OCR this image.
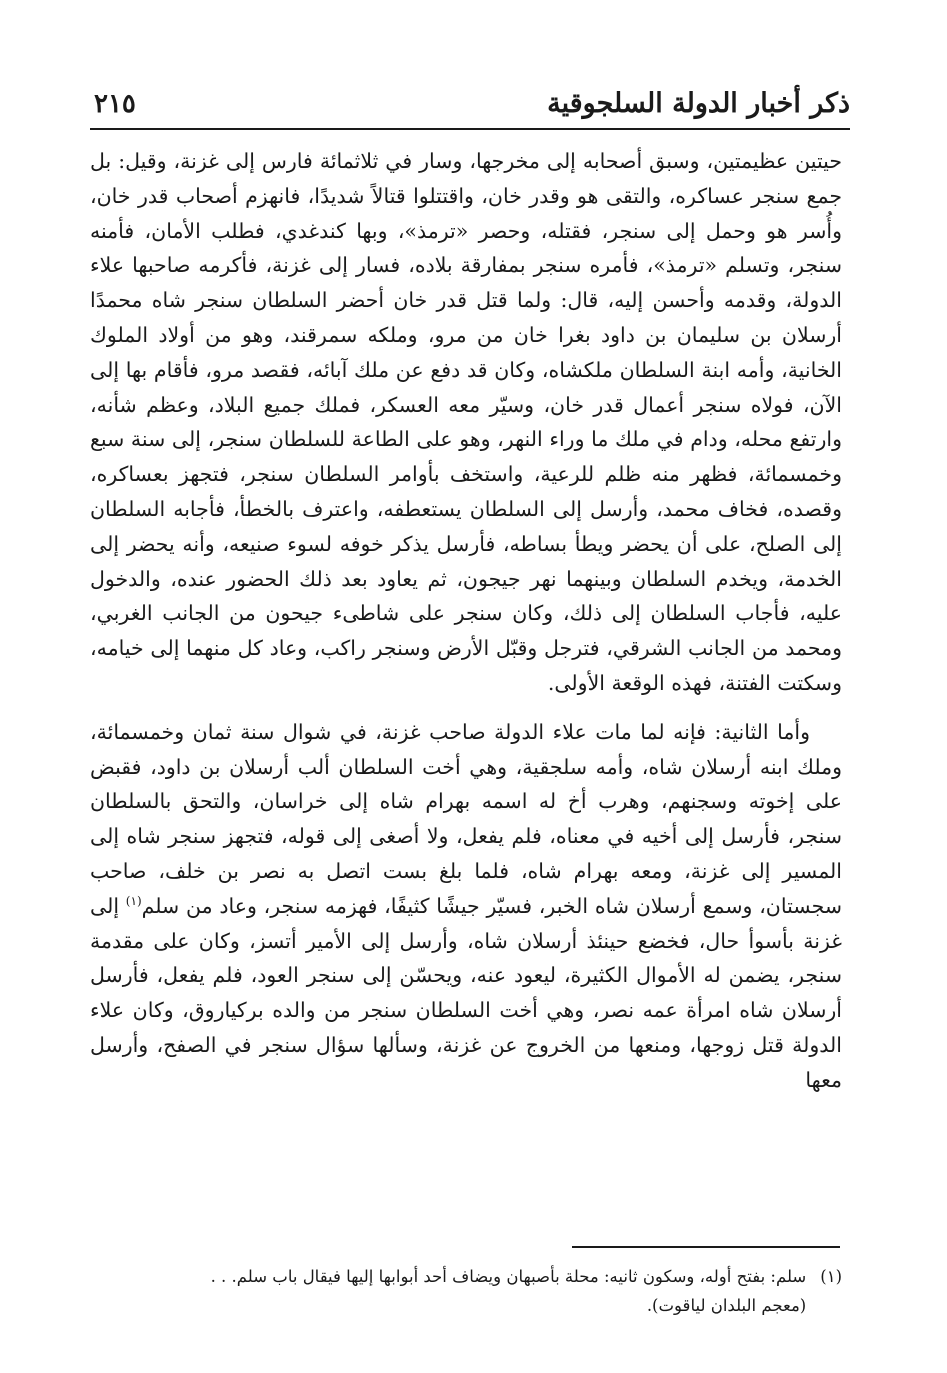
ذكر أخبار الدولة السلجوقية
٢١٥

حيتين عظيمتين، وسبق أصحابه إلى مخرجها، وسار في ثلاثمائة فارس إلى غزنة، وقيل: بل جمع سنجر عساكره، والتقى هو وقدر خان، واقتتلوا قتالاً شديدًا، فانهزم أصحاب قدر خان، وأُسر هو وحمل إلى سنجر، فقتله، وحصر «ترمذ»، وبها كندغدي، فطلب الأمان، فأمنه سنجر، وتسلم «ترمذ»، فأمره سنجر بمفارقة بلاده، فسار إلى غزنة، فأكرمه صاحبها علاء الدولة، وقدمه وأحسن إليه، قال: ولما قتل قدر خان أحضر السلطان سنجر شاه محمدًا أرسلان بن سليمان بن داود بغرا خان من مرو، وملكه سمرقند، وهو من أولاد الملوك الخانية، وأمه ابنة السلطان ملكشاه، وكان قد دفع عن ملك آبائه، فقصد مرو، فأقام بها إلى الآن، فولاه سنجر أعمال قدر خان، وسيّر معه العسكر، فملك جميع البلاد، وعظم شأنه، وارتفع محله، ودام في ملك ما وراء النهر، وهو على الطاعة للسلطان سنجر، إلى سنة سبع وخمسمائة، فظهر منه ظلم للرعية، واستخف بأوامر السلطان سنجر، فتجهز بعساكره، وقصده، فخاف محمد، وأرسل إلى السلطان يستعطفه، واعترف بالخطأ، فأجابه السلطان إلى الصلح، على أن يحضر ويطأ بساطه، فأرسل يذكر خوفه لسوء صنيعه، وأنه يحضر إلى الخدمة، ويخدم السلطان وبينهما نهر جيجون، ثم يعاود بعد ذلك الحضور عنده، والدخول عليه، فأجاب السلطان إلى ذلك، وكان سنجر على شاطىء جيحون من الجانب الغربي، ومحمد من الجانب الشرقي، فترجل وقبّل الأرض وسنجر راكب، وعاد كل منهما إلى خيامه، وسكتت الفتنة، فهذه الوقعة الأولى.

وأما الثانية: فإنه لما مات علاء الدولة صاحب غزنة، في شوال سنة ثمان وخمسمائة، وملك ابنه أرسلان شاه، وأمه سلجقية، وهي أخت السلطان ألب أرسلان بن داود، فقبض على إخوته وسجنهم، وهرب أخ له اسمه بهرام شاه إلى خراسان، والتحق بالسلطان سنجر، فأرسل إلى أخيه في معناه، فلم يفعل، ولا أصغى إلى قوله، فتجهز سنجر شاه إلى المسير إلى غزنة، ومعه بهرام شاه، فلما بلغ بست اتصل به نصر بن خلف، صاحب سجستان، وسمع أرسلان شاه الخبر، فسيّر جيشًا كثيفًا، فهزمه سنجر، وعاد من سلم$^{(١)}$ إلى غزنة بأسوأ حال، فخضع حينئذ أرسلان شاه، وأرسل إلى الأمير أتسز، وكان على مقدمة سنجر، يضمن له الأموال الكثيرة، ليعود عنه، ويحسّن إلى سنجر العود، فلم يفعل، فأرسل أرسلان شاه امرأة عمه نصر، وهي أخت السلطان سنجر من والده بركياروق، وكان علاء الدولة قتل زوجها، ومنعها من الخروج عن غزنة، وسألها سؤال سنجر في الصفح، وأرسل معها

(١)
سلم: بفتح أوله، وسكون ثانيه: محلة بأصبهان ويضاف أحد أبوابها إليها فيقال باب سلم. . .
(معجم البلدان لياقوت).
